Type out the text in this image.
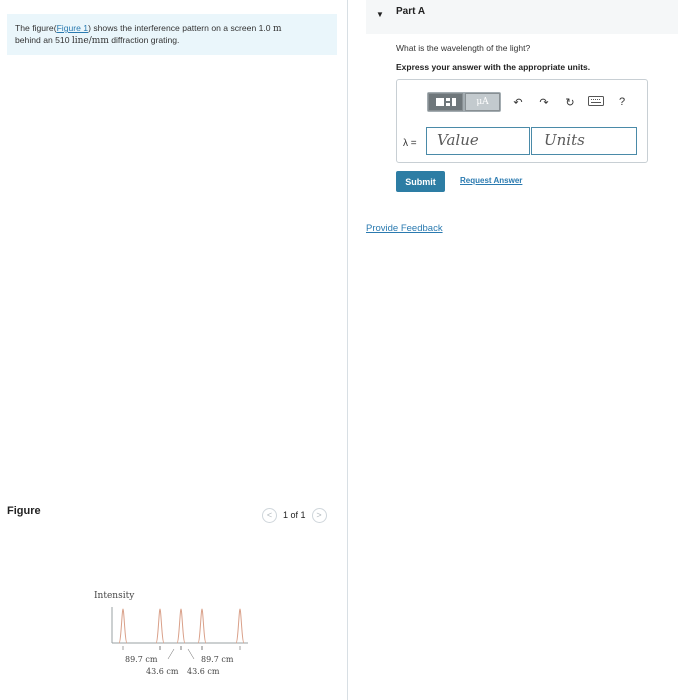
The figure(Figure 1) shows the interference pattern on a screen 1.0 m
behind an 510 line/mm diffraction grating.
Figure	<	1 of 1	>
Intensity
89.7 cm
43.6 cm 43.6 cm
89.7 cm
▼ Part A
What is the wavelength of the light?
Express your answer with the appropriate units.
μA	↶	↷	↻	?
λ =	Value	Units
Submit	Request Answer
Provide Feedback
